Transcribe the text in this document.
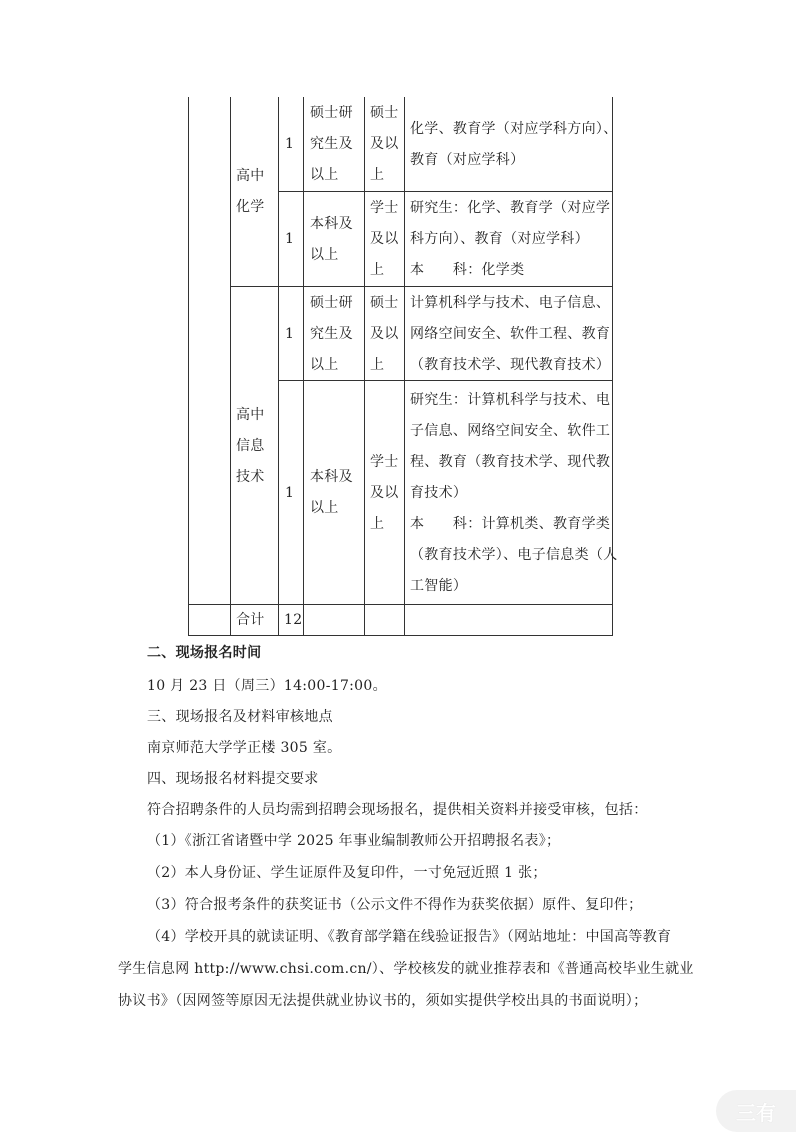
高中
化学
1
硕士研
究生及
以上
硕士
及以
上
化学、教育学（对应学科方向）、
教育（对应学科）
1
本科及
以上
学士
及以
上
研究生：化学、教育学（对应学
科方向）、教育（对应学科）
本　　科：化学类
高中
信息
技术
1
硕士研
究生及
以上
硕士
及以
上
计算机科学与技术、电子信息、
网络空间安全、软件工程、教育
（教育技术学、现代教育技术）
1
本科及
以上
学士
及以
上
研究生：计算机科学与技术、电
子信息、网络空间安全、软件工
程、教育（教育技术学、现代教
育技术）
本　　科：计算机类、教育学类
（教育技术学）、电子信息类（人
工智能）
合计	12
二、现场报名时间
10 月 23 日（周三）14:00-17:00。
三、现场报名及材料审核地点
南京师范大学学正楼 305 室。
四、现场报名材料提交要求
符合招聘条件的人员均需到招聘会现场报名，提供相关资料并接受审核，包括：
（1）《浙江省诸暨中学 2025 年事业编制教师公开招聘报名表》；
（2）本人身份证、学生证原件及复印件，一寸免冠近照 1 张；
（3）符合报考条件的获奖证书（公示文件不得作为获奖依据）原件、复印件；
（4）学校开具的就读证明、《教育部学籍在线验证报告》（网站地址：中国高等教育
学生信息网 http://www.chsi.com.cn/）、学校核发的就业推荐表和《普通高校毕业生就业
协议书》（因网签等原因无法提供就业协议书的，须如实提供学校出具的书面说明）；
三有
